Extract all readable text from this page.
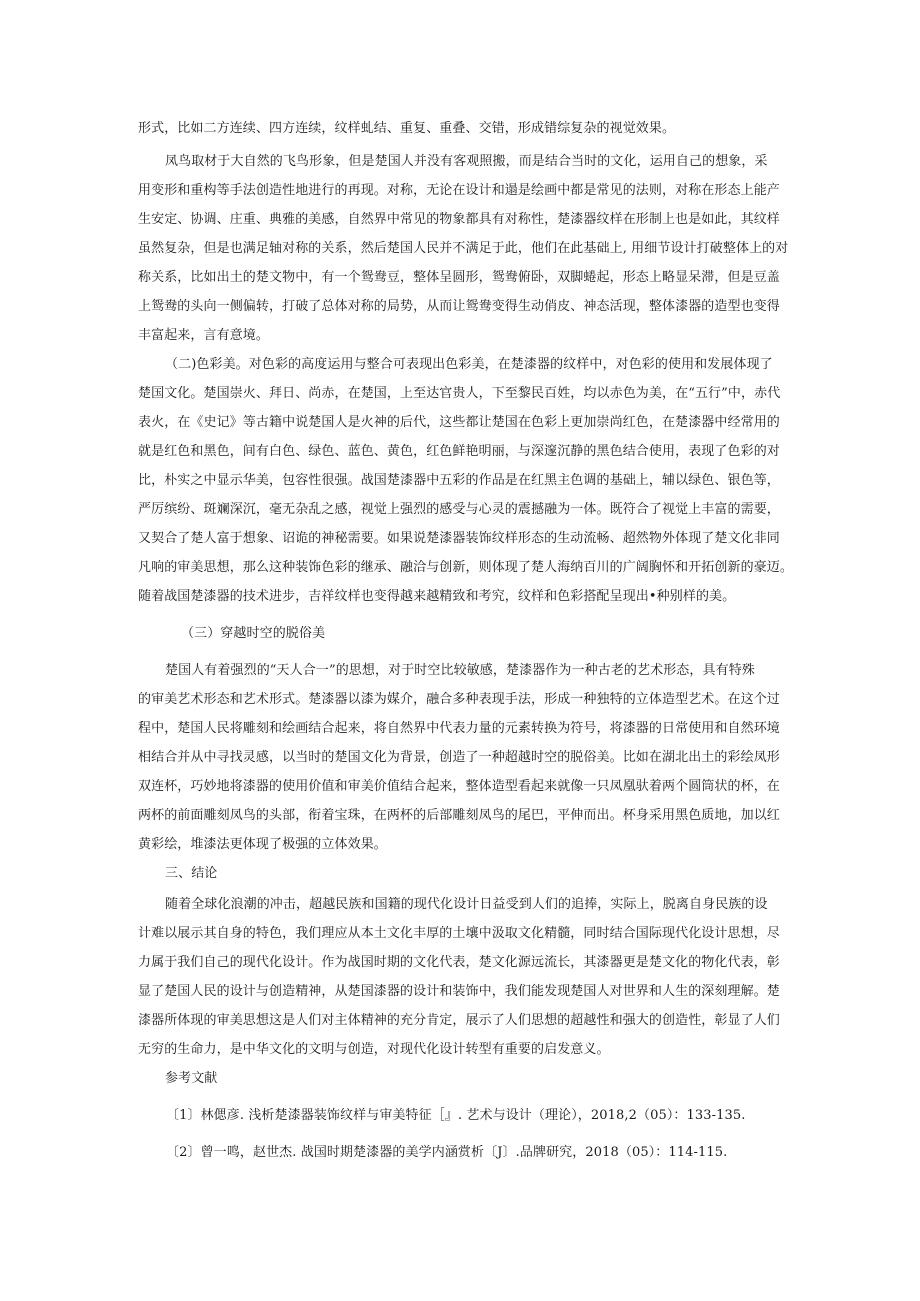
形式，比如二方连续、四方连续，纹样虬结、重复、重叠、交错，形成错综复杂的视觉效果。
凤鸟取材于大自然的飞鸟形象，但是楚国人并没有客观照搬，而是结合当时的文化，运用自己的想象，采
用变形和重构等手法创造性地进行的再现。对称，无论在设计和遢是绘画中都是常见的法则，对称在形态上能产
生安定、协调、庄重、典雅的美感，自然界中常见的物象都具有对称性，楚漆器纹样在形制上也是如此，其纹样
虽然复杂，但是也满足轴对称的关系，然后楚国人民并不满足于此，他们在此基础上, 用细节设计打破整体上的对
称关系，比如出土的楚文物中，有一个鸳鸯豆，整体呈圆形，鸳鸯俯卧，双脚蜷起，形态上略显呆滞，但是豆盖
上鸳鸯的头向一侧偏转，打破了总体对称的局势，从而让鸳鸯变得生动俏皮、神态活现，整体漆器的造型也变得
丰富起来，言有意境。
（二)色彩美。对色彩的高度运用与整合可表现出色彩美，在楚漆器的纹样中，对色彩的使用和发展体现了
楚国文化。楚国崇火、拜日、尚赤，在楚国，上至达官贵人，下至黎民百姓，均以赤色为美，在“五行”中，赤代
表火，在《史记》等古籍中说楚国人是火神的后代，这些都让楚国在色彩上更加崇尚红色，在楚漆器中经常用的
就是红色和黑色，间有白色、绿色、蓝色、黄色，红色鲜艳明丽，与深邃沉静的黑色结合使用，表现了色彩的对
比，朴实之中显示华美，包容性很强。战国楚漆器中五彩的作品是在红黑主色调的基础上，辅以绿色、银色等，
严厉缤纷、斑斓深沉，毫无杂乱之感，视觉上强烈的感受与心灵的震撼融为一体。既符合了视觉上丰富的需要，
又契合了楚人富于想象、诏诡的神秘需要。如果说楚漆器装饰纹样形态的生动流畅、超然物外体现了楚文化非同
凡响的审美思想，那么这种装饰色彩的继承、融洽与创新，则体现了楚人海纳百川的广阔胸怀和开拓创新的豪迈。
随着战国楚漆器的技术进步，吉祥纹样也变得越来越精致和考究，纹样和色彩搭配呈现出•种别样的美。
（三）穿越时空的脱俗美
楚国人有着强烈的“天人合一”的思想，对于时空比较敏感，楚漆器作为一种古老的艺术形态，具有特殊
的审美艺术形态和艺术形式。楚漆器以漆为媒介，融合多种表现手法，形成一种独特的立体造型艺术。在这个过
程中，楚国人民将雕刻和绘画结合起来，将自然界中代表力量的元素转换为符号，将漆器的日常使用和自然环境
相结合并从中寻找灵感，以当时的楚国文化为背景，创造了一种超越时空的脱俗美。比如在湖北出土的彩绘凤形
双连杯，巧妙地将漆器的使用价值和审美价值结合起来，整体造型看起来就像一只凤凰驮着两个圆筒状的杯，在
两杯的前面雕刻凤鸟的头部，衔着宝珠，在两杯的后部雕刻凤鸟的尾巴，平伸而出。杯身采用黑色质地，加以红
黄彩绘，堆漆法更体现了极强的立体效果。
三、结论
随着全球化浪潮的冲击，超越民族和国籍的现代化设计日益受到人们的追捧，实际上，脱离自身民族的设
计难以展示其自身的特色，我们理应从本土文化丰厚的土壤中汲取文化精髓，同时结合国际现代化设计思想，尽
力属于我们自己的现代化设计。作为战国时期的文化代表，楚文化源远流长，其漆器更是楚文化的物化代表，彰
显了楚国人民的设计与创造精神，从楚国漆器的设计和装饰中，我们能发现楚国人对世界和人生的深刻理解。楚
漆器所体现的审美思想这是人们对主体精神的充分肯定，展示了人们思想的超越性和强大的创造性，彰显了人们
无穷的生命力，是中华文化的文明与创造，对现代化设计转型有重要的启发意义。
参考文献
〔1〕林偲彦. 浅析楚漆器装饰纹样与审美特征［』. 艺术与设计（理论），2018,2（05）：133-135.
〔2〕曾一鸣，赵世杰. 战国时期楚漆器的美学内涵赏析〔J〕.品牌研究，2018（05）：114-115.
